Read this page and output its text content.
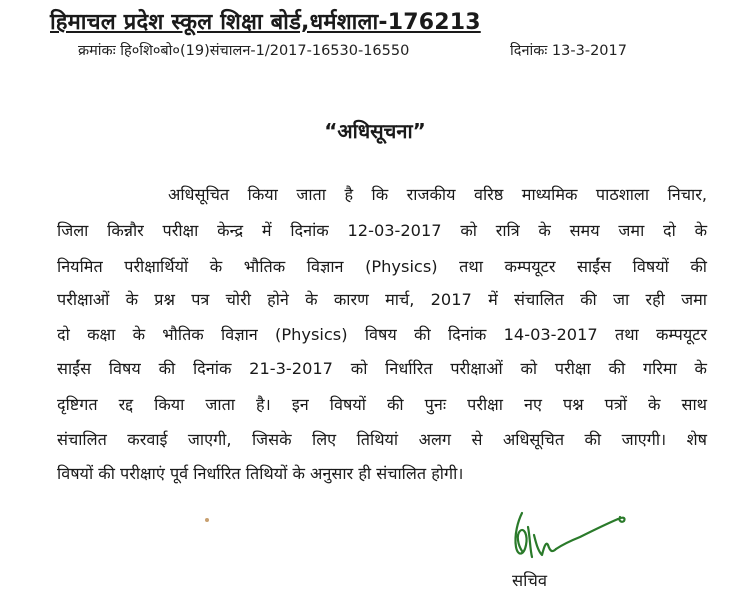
हिमाचल प्रदेश स्कूल शिक्षा बोर्ड,धर्मशाला-176213
क्रमांकः हि०शि०बो०(19)संचालन-1/2017-16530-16550	दिनांकः 13-3-2017
“अधिसूचना”
अधिसूचित किया जाता है कि राजकीय वरिष्ठ माध्यमिक पाठशाला निचार,
जिला किन्नौर परीक्षा केन्द्र में दिनांक 12-03-2017 को रात्रि के समय जमा दो के
नियमित परीक्षार्थियों के भौतिक विज्ञान (Physics) तथा कम्पयूटर साईंस विषयों की
परीक्षाओं के प्रश्न पत्र चोरी होने के कारण मार्च, 2017 में संचालित की जा रही जमा
दो कक्षा के भौतिक विज्ञान (Physics) विषय की दिनांक 14-03-2017 तथा कम्पयूटर
साईंस विषय की दिनांक 21-3-2017 को निर्धारित परीक्षाओं को परीक्षा की गरिमा के
दृष्टिगत रद्द किया जाता है। इन विषयों की पुनः परीक्षा नए पश्न पत्रों के साथ
संचालित करवाई जाएगी, जिसके लिए तिथियां अलग से अधिसूचित की जाएगी। शेष
विषयों की परीक्षाएं पूर्व निर्धारित तिथियों के अनुसार ही संचालित होगी।
सचिव
